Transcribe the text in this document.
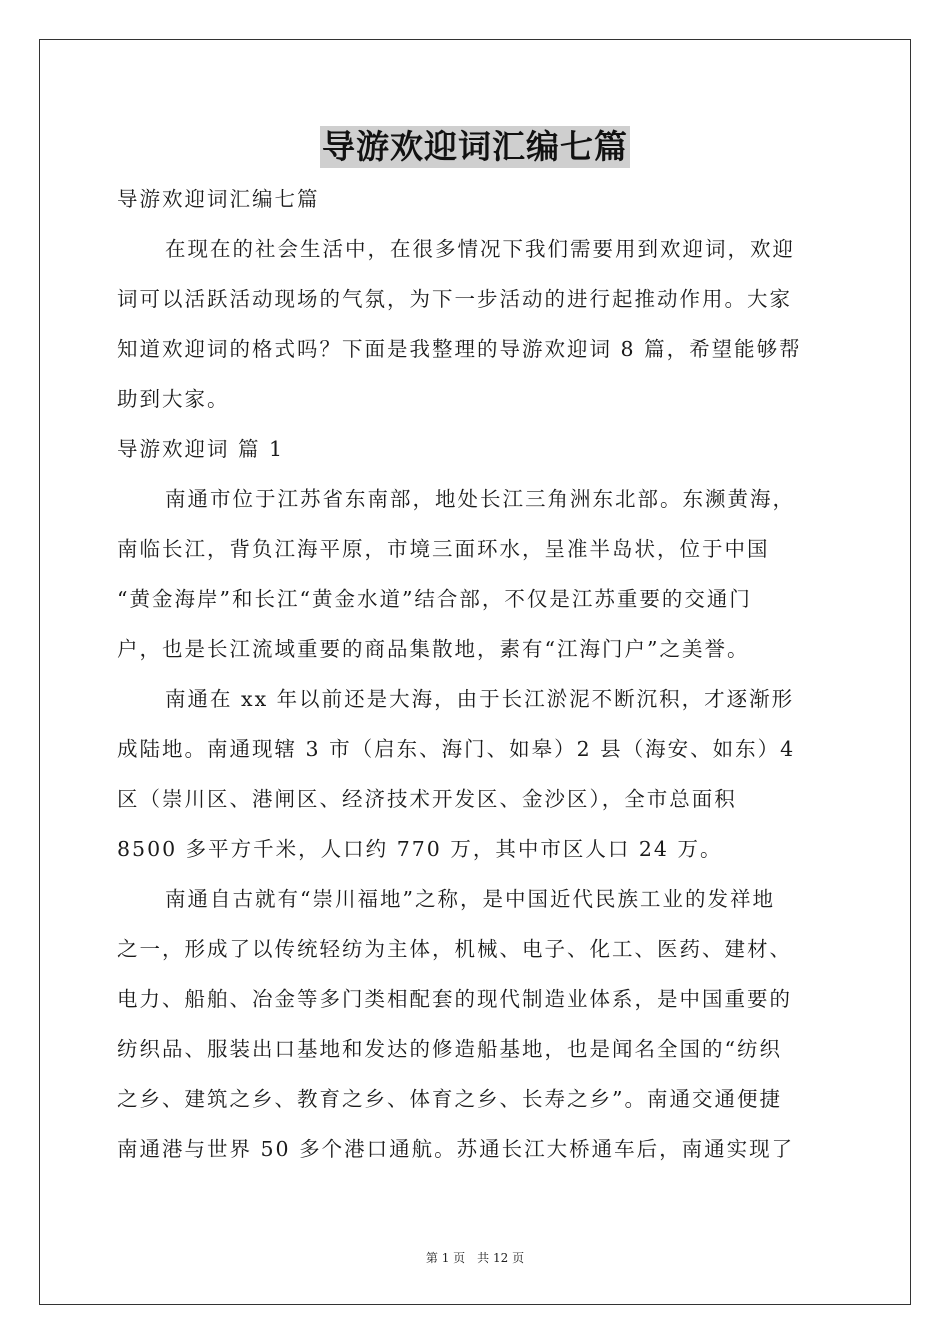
导游欢迎词汇编七篇
导游欢迎词汇编七篇
在现在的社会生活中，在很多情况下我们需要用到欢迎词，欢迎
词可以活跃活动现场的气氛，为下一步活动的进行起推动作用。大家
知道欢迎词的格式吗？下面是我整理的导游欢迎词 8 篇，希望能够帮
助到大家。
导游欢迎词 篇 1
南通市位于江苏省东南部，地处长江三角洲东北部。东濒黄海，
南临长江，背负江海平原，市境三面环水，呈准半岛状，位于中国
“黄金海岸”和长江“黄金水道”结合部，不仅是江苏重要的交通门
户，也是长江流域重要的商品集散地，素有“江海门户”之美誉。
南通在 xx 年以前还是大海，由于长江淤泥不断沉积，才逐渐形
成陆地。南通现辖 3 市（启东、海门、如皋）2 县（海安、如东）4
区（崇川区、港闸区、经济技术开发区、金沙区），全市总面积
8500 多平方千米，人口约 770 万，其中市区人口 24 万。
南通自古就有“崇川福地”之称，是中国近代民族工业的发祥地
之一，形成了以传统轻纺为主体，机械、电子、化工、医药、建材、
电力、船舶、冶金等多门类相配套的现代制造业体系，是中国重要的
纺织品、服装出口基地和发达的修造船基地，也是闻名全国的“纺织
之乡、建筑之乡、教育之乡、体育之乡、长寿之乡”。南通交通便捷
南通港与世界 50 多个港口通航。苏通长江大桥通车后，南通实现了
第 1 页　共 12 页
